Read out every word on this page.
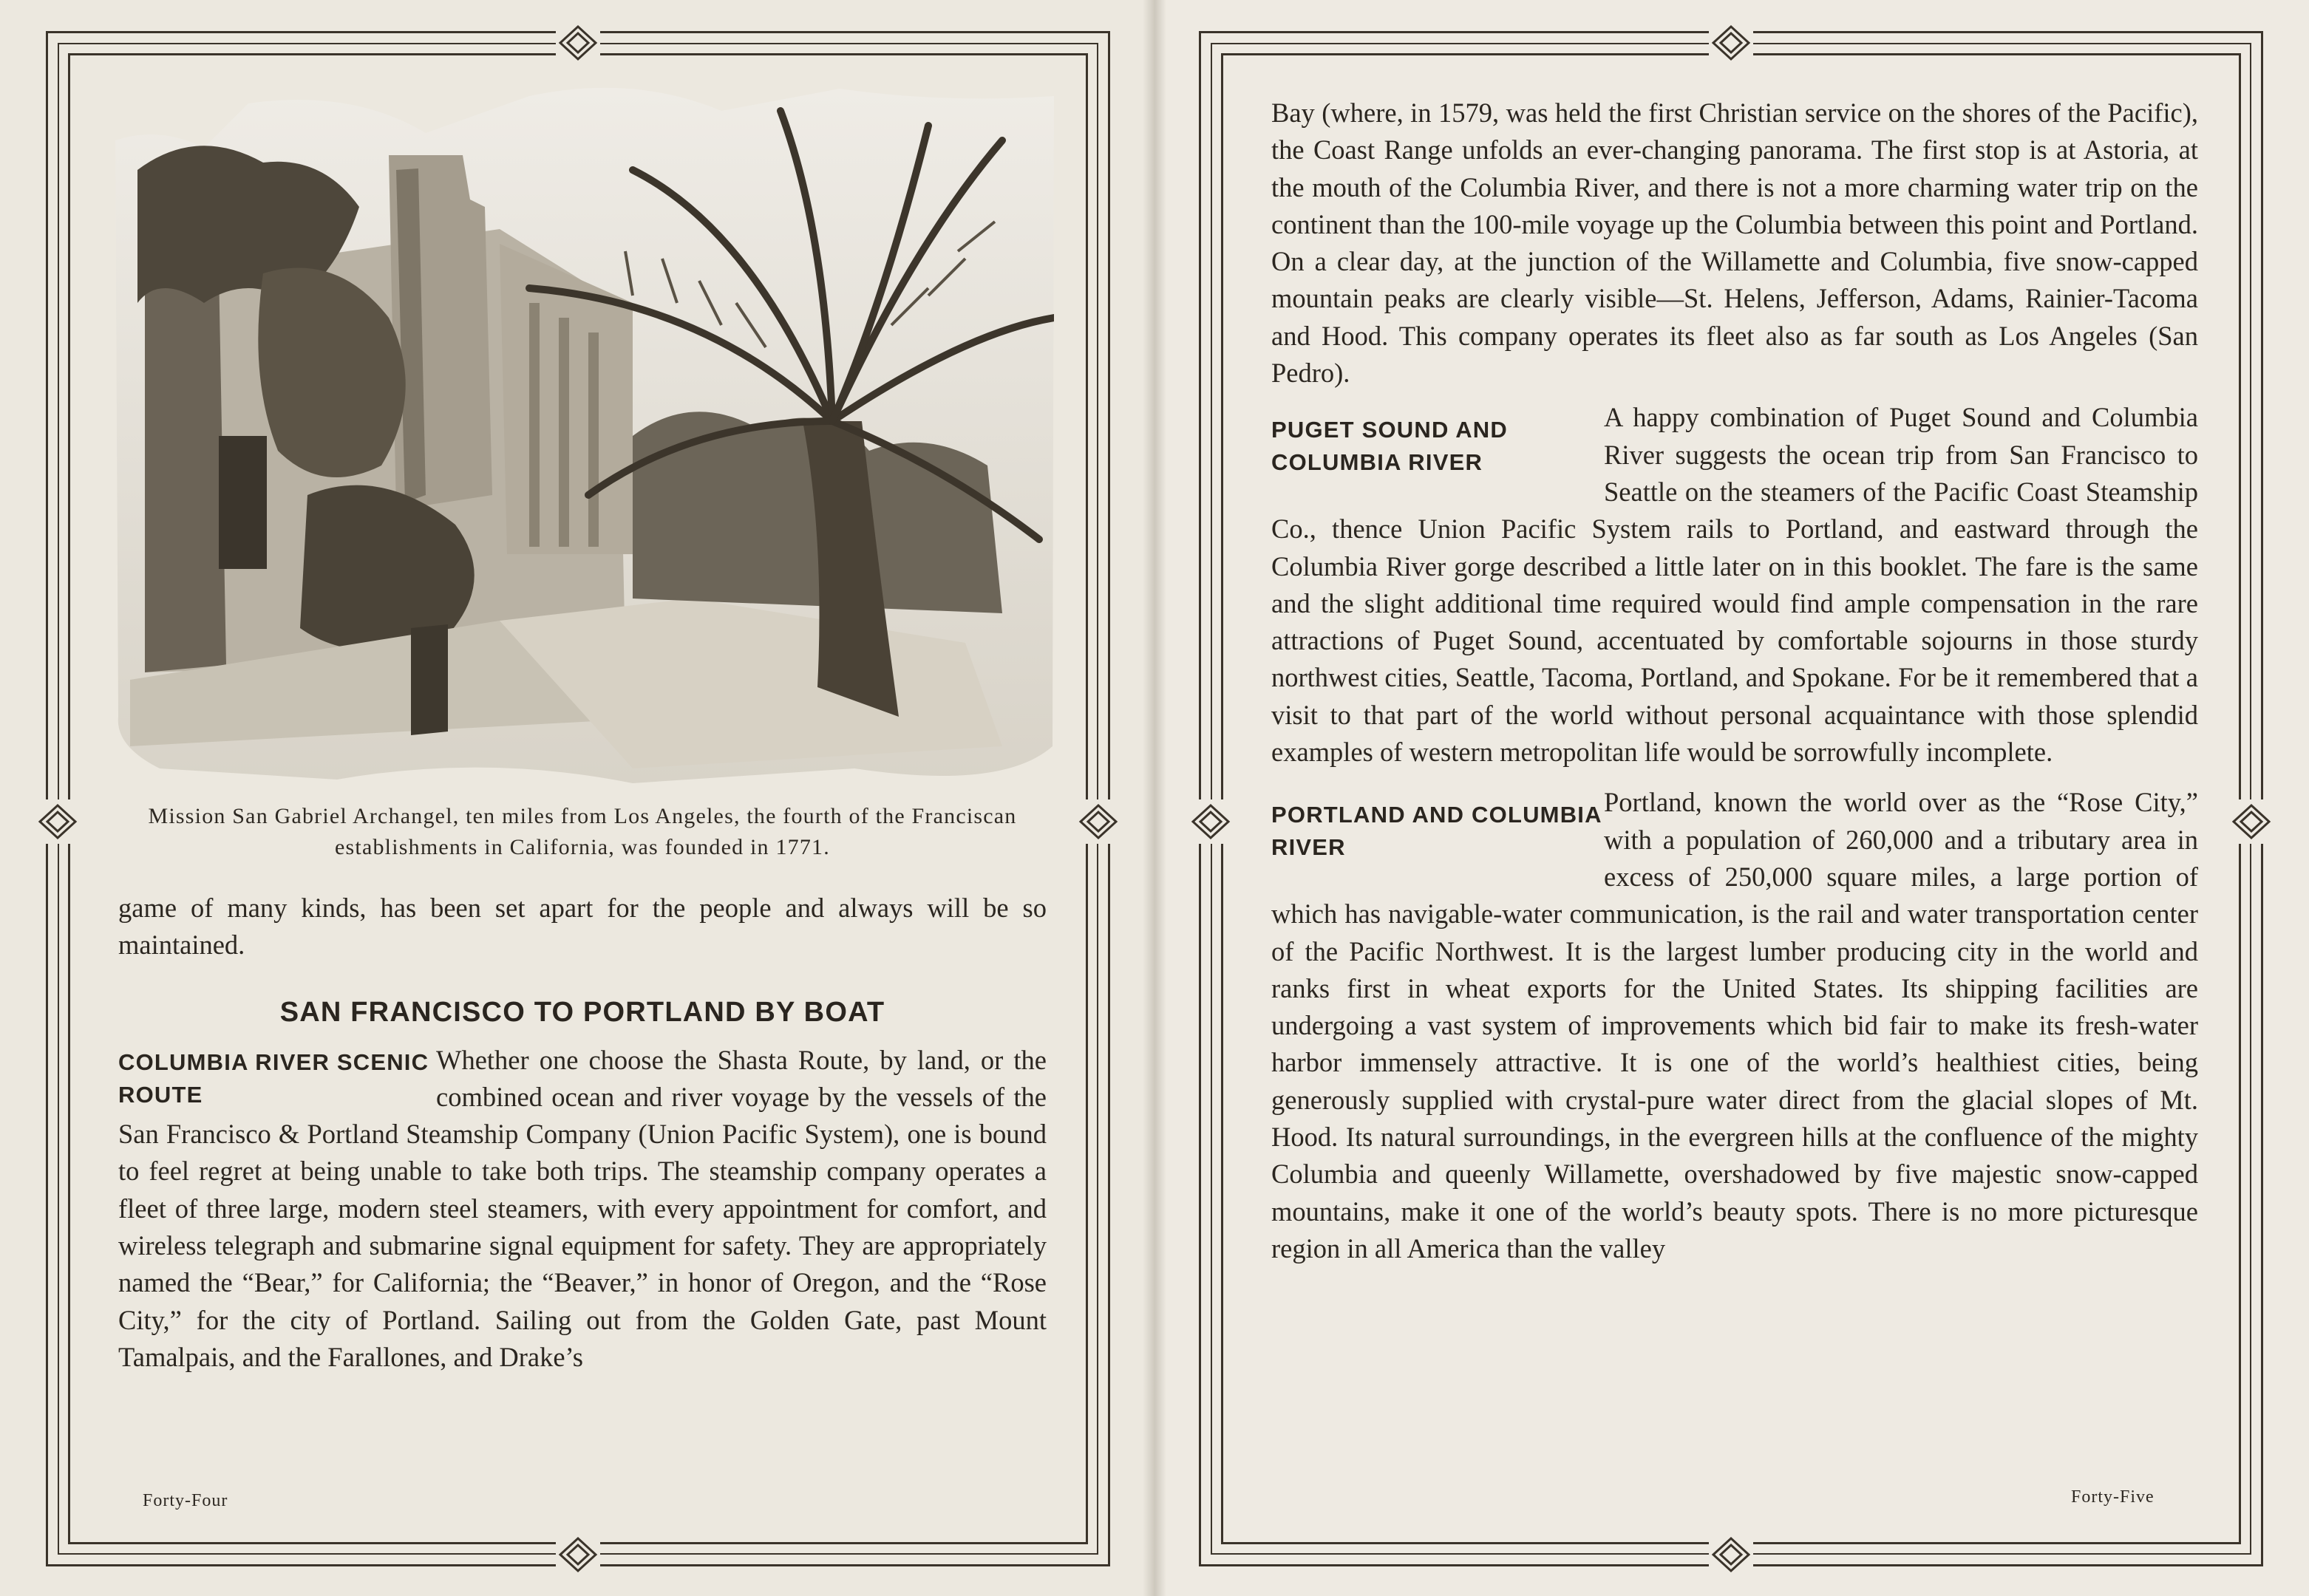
Mission San Gabriel Archangel, ten miles from Los Angeles, the fourth of the Franciscan establishments in California, was founded in 1771.

game of many kinds, has been set apart for the people and always will be so maintained.

SAN FRANCISCO TO PORTLAND BY BOAT
COLUMBIA RIVER SCENIC ROUTE

Whether one choose the Shasta Route, by land, or the combined ocean and river voyage by the vessels of the San Francisco & Portland Steamship Company (Union Pacific System), one is bound to feel regret at being unable to take both trips. The steamship company operates a fleet of three large, modern steel steamers, with every appointment for comfort, and wireless telegraph and submarine signal equipment for safety. They are appropriately named the “Bear,” for California; the “Beaver,” in honor of Oregon, and the “Rose City,” for the city of Portland. Sailing out from the Golden Gate, past Mount Tamalpais, and the Farallones, and Drake’s

Forty-Four

Bay (where, in 1579, was held the first Christian service on the shores of the Pacific), the Coast Range unfolds an ever-changing panorama. The first stop is at Astoria, at the mouth of the Columbia River, and there is not a more charming water trip on the continent than the 100-mile voyage up the Columbia between this point and Portland. On a clear day, at the junction of the Willamette and Columbia, five snow-capped mountain peaks are clearly visible—St. Helens, Jefferson, Adams, Rainier-Tacoma and Hood. This company operates its fleet also as far south as Los Angeles (San Pedro).

PUGET SOUND AND COLUMBIA RIVER

A happy combination of Puget Sound and Columbia River suggests the ocean trip from San Francisco to Seattle on the steamers of the Pacific Coast Steamship Co., thence Union Pacific System rails to Portland, and eastward through the Columbia River gorge described a little later on in this booklet. The fare is the same and the slight additional time required would find ample compensation in the rare attractions of Puget Sound, accentuated by comfortable sojourns in those sturdy northwest cities, Seattle, Tacoma, Portland, and Spokane. For be it remembered that a visit to that part of the world without personal acquaintance with those splendid examples of western metropolitan life would be sorrowfully incomplete.

PORTLAND AND COLUMBIA RIVER

Portland, known the world over as the “Rose City,” with a population of 260,000 and a tributary area in excess of 250,000 square miles, a large portion of which has navigable-water communication, is the rail and water transportation center of the Pacific Northwest. It is the largest lumber producing city in the world and ranks first in wheat exports for the United States. Its shipping facilities are undergoing a vast system of improvements which bid fair to make its fresh-water harbor immensely attractive. It is one of the world’s healthiest cities, being generously supplied with crystal-pure water direct from the glacial slopes of Mt. Hood. Its natural surroundings, in the evergreen hills at the confluence of the mighty Columbia and queenly Willamette, overshadowed by five majestic snow-capped mountains, make it one of the world’s beauty spots. There is no more picturesque region in all America than the valley

Forty-Five
